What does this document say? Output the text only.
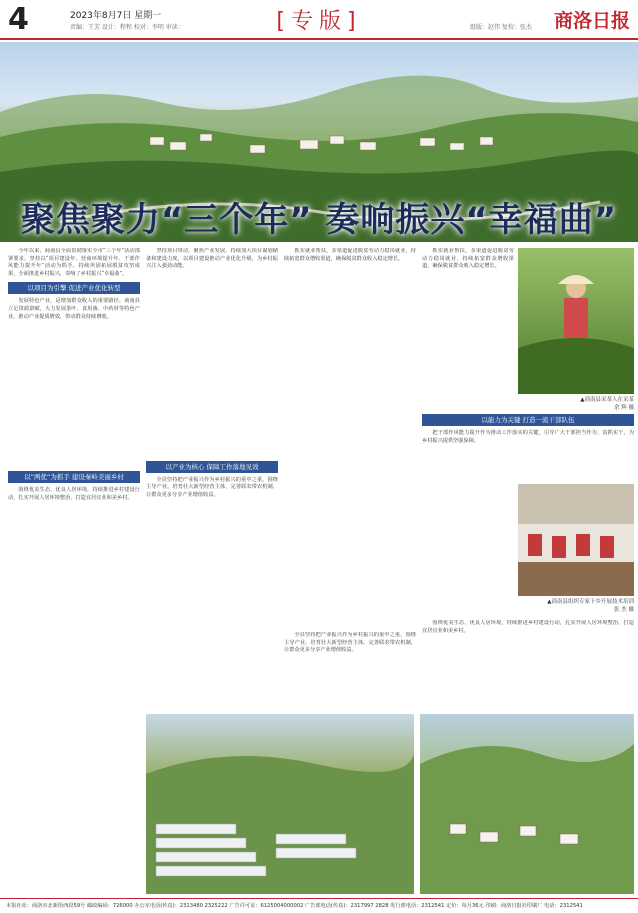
4	2023年8月7日 星期一
责编：王芳 设计：程程 校对：李明 审读：	[专版]	组版：赵伟 复校：张杰 商洛日报
聚焦聚力“三个年” 奏响振兴“幸福曲”

今年以来，商南县全面贯彻落实全市“三个年”活动部署要求，坚持以“项目建设年、营商环境提升年、干部作风能力提升年”活动为抓手，持续巩固拓展脱贫攻坚成果，全面推进乡村振兴，奏响了乡村振兴“幸福曲”。

以项目为引擎 促进产业优化转型

发展特色产业，是增加群众收入的重要路径。商南县立足资源禀赋，大力发展茶叶、食用菌、中药材等特色产业，推动产业提质增效，带动群众持续增收。

以“两优”为抓手 建设秦岭美丽乡村

围绕优美生态、优良人居环境，持续推进乡村建设行动，扎实开展人居环境整治，打造宜居宜业和美乡村。

坚持项目带动，聚焦产业发展，持续加大项目谋划储备和建设力度，以项目建设推动产业优化升级，为乡村振兴注入强劲动能。

以产业为核心 保障工作落地见效

全县坚持把产业振兴作为乡村振兴的重中之重，围绕主导产业，培育壮大新型经营主体，完善联农带农机制，让群众更多分享产业增值收益。

抓实就业帮扶，多渠道促进脱贫劳动力稳岗就业，持续拓宽群众增收渠道，确保脱贫群众收入稳定增长。

抓实就业帮扶，多渠道促进脱贫劳动力稳岗就业，持续拓宽群众增收渠道，确保脱贫群众收入稳定增长。

▲商南县采茶人在采茶
余 辉 摄
以能力为关键 打造一流干部队伍

把干部作风能力提升作为推动工作落实的关键，引导广大干部担当作为、真抓实干，为乡村振兴提供坚强保障。

▲商南县组织专家下乡开展技术培训
张 杰 摄

全县坚持把产业振兴作为乡村振兴的重中之重，围绕主导产业，培育壮大新型经营主体，完善联农带农机制，让群众更多分享产业增值收益。

围绕优美生态、优良人居环境，持续推进乡村建设行动，扎实开展人居环境整治，打造宜居宜业和美乡村。

本报社址：商洛市北新街西段59号 邮政编码：726000 办公室电话(传真)：2313480 2325222 广告许可证：6125004000002 广告部电话(传真)：2317997 2828 发行部电话：2312541 定价：每月36元 印刷：商洛日报社印刷厂 电话：2312541
